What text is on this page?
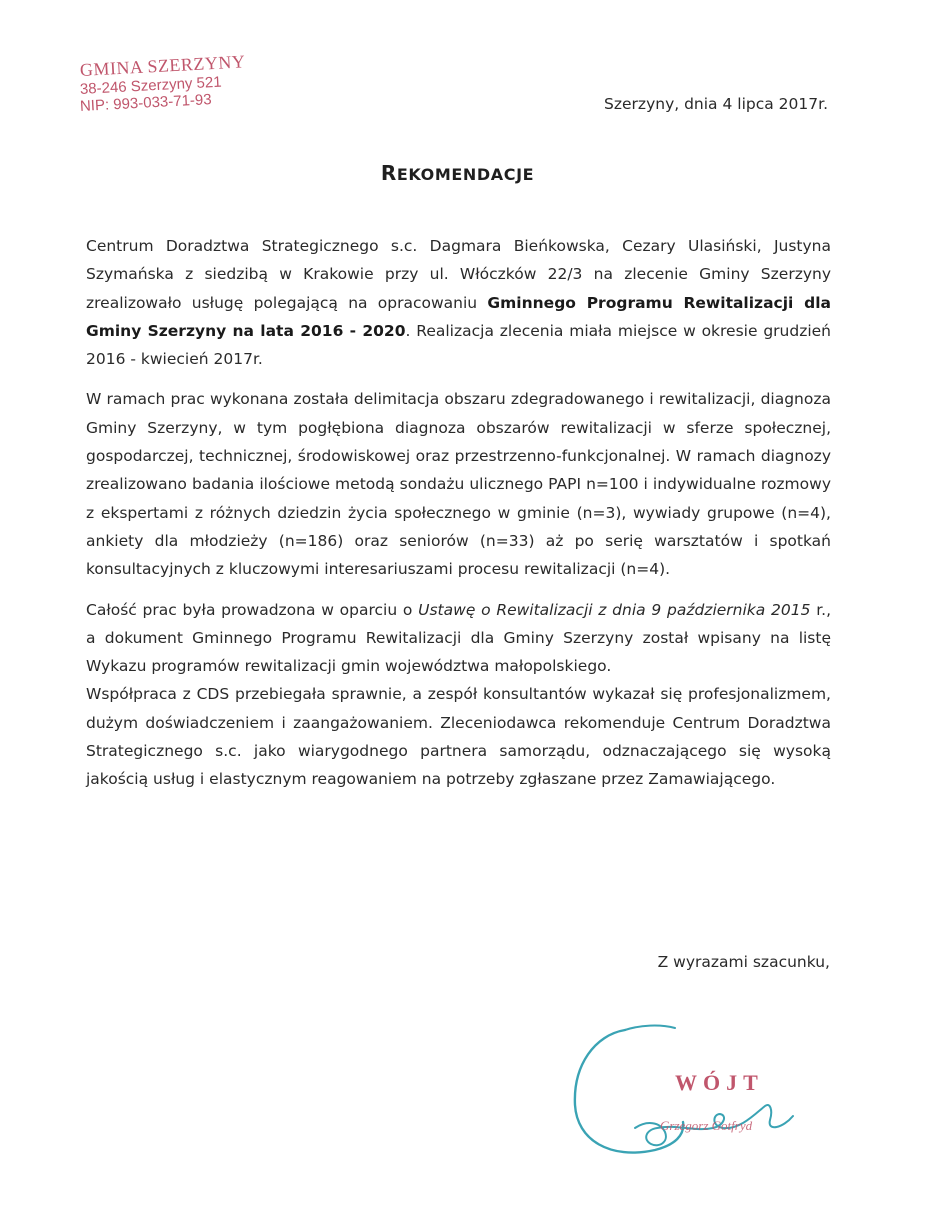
GMINA SZERZYNY
38-246 Szerzyny 521
NIP: 993-033-71-93	Szerzyny, dnia 4 lipca 2017r.
REKOMENDACJE

Centrum Doradztwa Strategicznego s.c. Dagmara Bieńkowska, Cezary Ulasiński, Justyna Szymańska z siedzibą w Krakowie przy ul. Włóczków 22/3 na zlecenie Gminy Szerzyny zrealizowało usługę polegającą na opracowaniu Gminnego Programu Rewitalizacji dla Gminy Szerzyny na lata 2016 - 2020. Realizacja zlecenia miała miejsce w okresie grudzień 2016 - kwiecień 2017r.

W ramach prac wykonana została delimitacja obszaru zdegradowanego i rewitalizacji, diagnoza Gminy Szerzyny, w tym pogłębiona diagnoza obszarów rewitalizacji w sferze społecznej, gospodarczej, technicznej, środowiskowej oraz przestrzenno-funkcjonalnej. W ramach diagnozy zrealizowano badania ilościowe metodą sondażu ulicznego PAPI n=100 i indywidualne rozmowy z ekspertami z różnych dziedzin życia społecznego w gminie (n=3), wywiady grupowe (n=4), ankiety dla młodzieży (n=186) oraz seniorów (n=33) aż po serię warsztatów i spotkań konsultacyjnych z kluczowymi interesariuszami procesu rewitalizacji (n=4).

Całość prac była prowadzona w oparciu o Ustawę o Rewitalizacji z dnia 9 października 2015 r., a dokument Gminnego Programu Rewitalizacji dla Gminy Szerzyny został wpisany na listę Wykazu programów rewitalizacji gmin województwa małopolskiego.

Współpraca z CDS przebiegała sprawnie, a zespół konsultantów wykazał się profesjonalizmem, dużym doświadczeniem i zaangażowaniem. Zleceniodawca rekomenduje Centrum Doradztwa Strategicznego s.c. jako wiarygodnego partnera samorządu, odznaczającego się wysoką jakością usług i elastycznym reagowaniem na potrzeby zgłaszane przez Zamawiającego.

Z wyrazami szacunku,
WÓJT
Grzegorz Gotfryd
